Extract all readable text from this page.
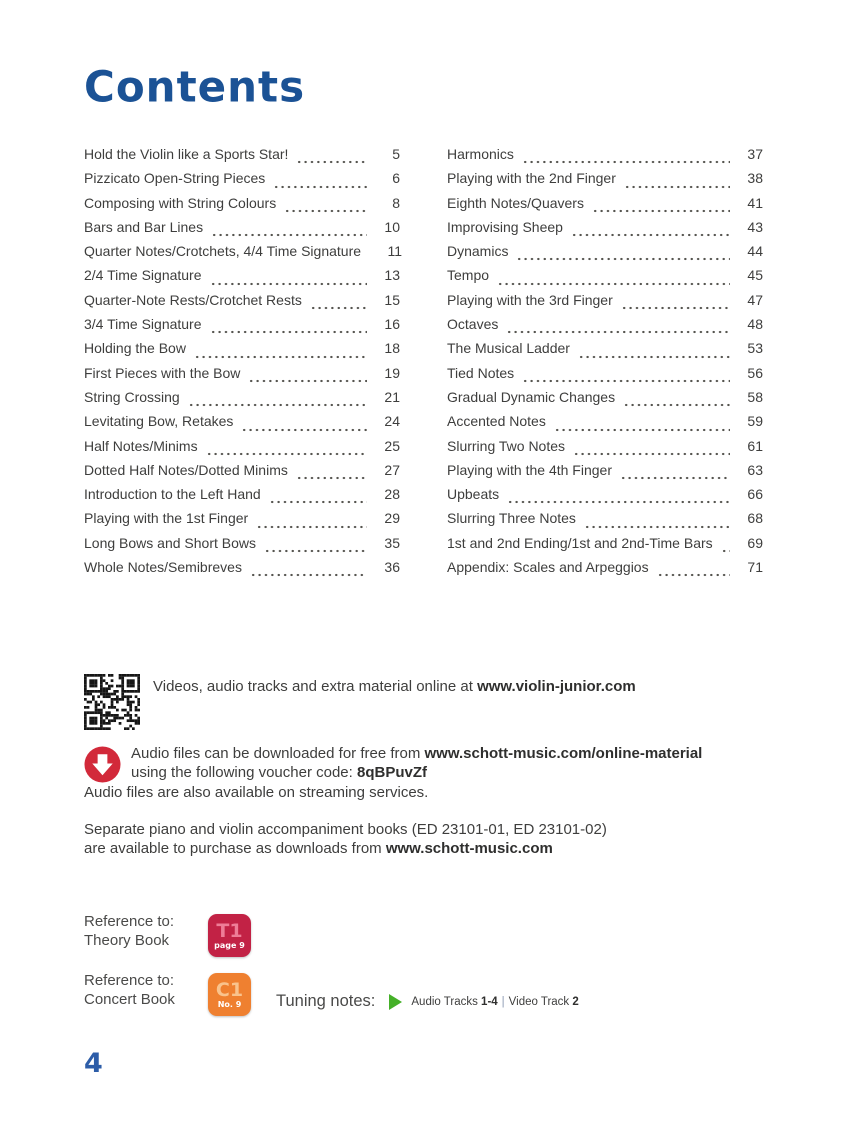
Contents
Hold the Violin like a Sports Star!	5
Pizzicato Open-String Pieces	6
Composing with String Colours	8
Bars and Bar Lines	10
Quarter Notes/Crotchets, 4/4 Time Signature	11
2/4 Time Signature	13
Quarter-Note Rests/Crotchet Rests	15
3/4 Time Signature	16
Holding the Bow	18
First Pieces with the Bow	19
String Crossing	21
Levitating Bow, Retakes	24
Half Notes/Minims	25
Dotted Half Notes/Dotted Minims	27
Introduction to the Left Hand	28
Playing with the 1st Finger	29
Long Bows and Short Bows	35
Whole Notes/Semibreves	36
Harmonics	37
Playing with the 2nd Finger	38
Eighth Notes/Quavers	41
Improvising Sheep	43
Dynamics	44
Tempo	45
Playing with the 3rd Finger	47
Octaves	48
The Musical Ladder	53
Tied Notes	56
Gradual Dynamic Changes	58
Accented Notes	59
Slurring Two Notes	61
Playing with the 4th Finger	63
Upbeats	66
Slurring Three Notes	68
1st and 2nd Ending/1st and 2nd-Time Bars	69
Appendix: Scales and Arpeggios	71
Videos, audio tracks and extra material online at www.violin-junior.com
Audio files can be downloaded for free from www.schott-music.com/online-material
using the following voucher code: 8qBPuvZf
Audio files are also available on streaming services.
Separate piano and violin accompaniment books (ED 23101-01, ED 23101-02)
are available to purchase as downloads from www.schott-music.com
Reference to:
Theory Book	T1
page 9
Reference to:
Concert Book	C1
No. 9 Tuning notes:	Audio Tracks 1-4 | Video Track 2
4
